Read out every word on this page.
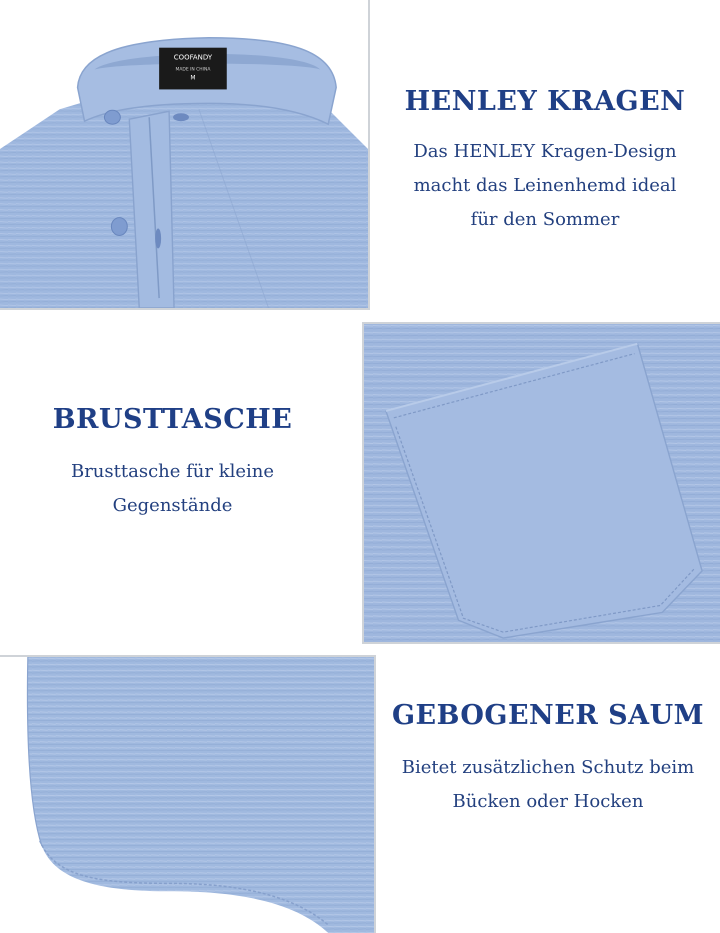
COOFANDY
MADE IN CHINA
M
HENLEY KRAGEN

Das HENLEY Kragen-Design
macht das Leinenhemd ideal
für den Sommer

BRUSTTASCHE

Brusttasche für kleine
Gegenstände

GEBOGENER SAUM

Bietet zusätzlichen Schutz beim
Bücken oder Hocken
